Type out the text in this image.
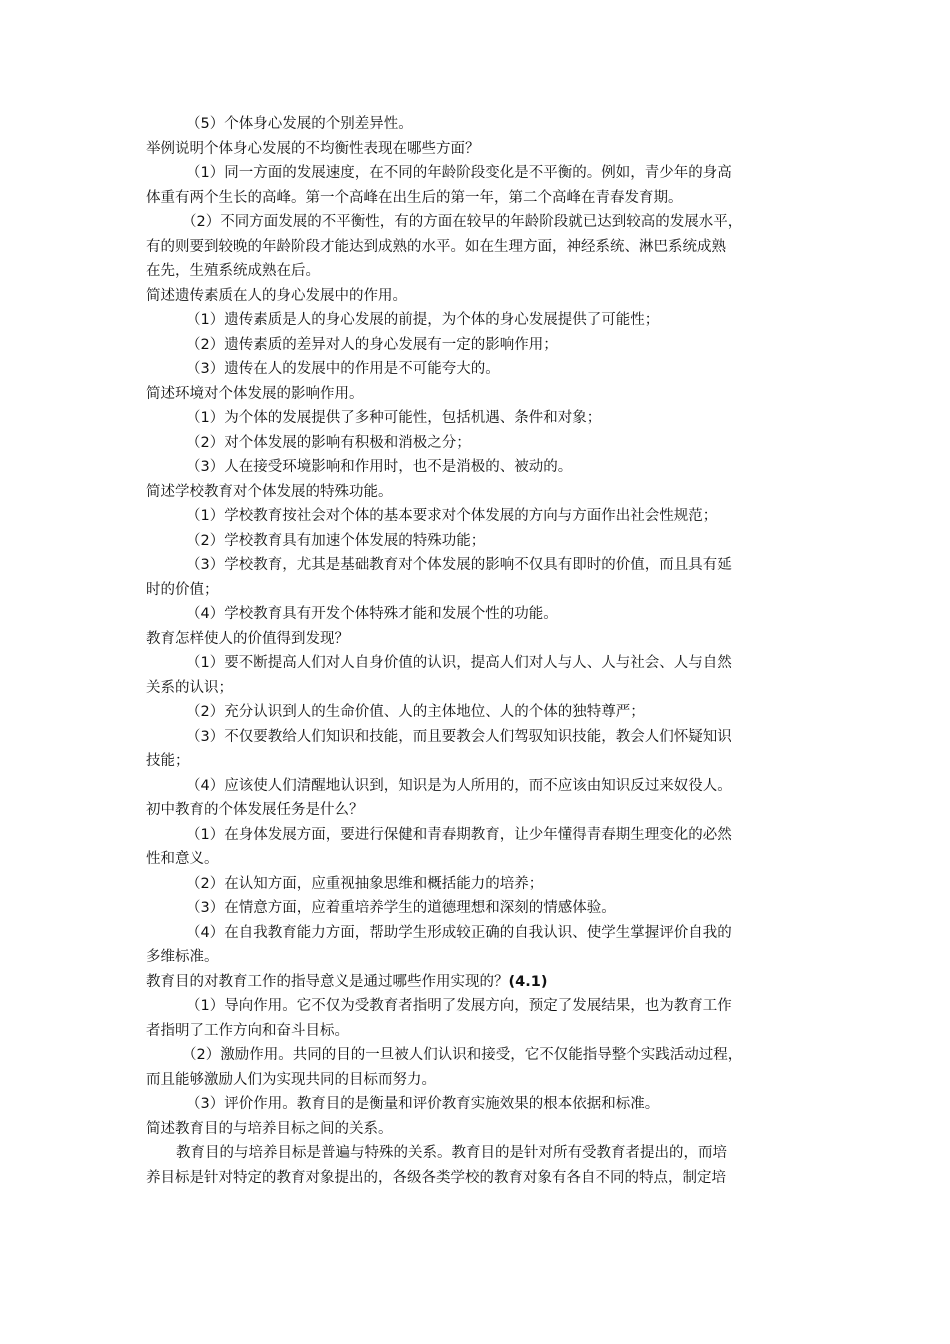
（5）个体身心发展的个别差异性。
举例说明个体身心发展的不均衡性表现在哪些方面？
（1）同一方面的发展速度，在不同的年龄阶段变化是不平衡的。例如，青少年的身高
体重有两个生长的高峰。第一个高峰在出生后的第一年，第二个高峰在青春发育期。
（2）不同方面发展的不平衡性，有的方面在较早的年龄阶段就已达到较高的发展水平，
有的则要到较晚的年龄阶段才能达到成熟的水平。如在生理方面，神经系统、淋巴系统成熟
在先，生殖系统成熟在后。
简述遗传素质在人的身心发展中的作用。
（1）遗传素质是人的身心发展的前提，为个体的身心发展提供了可能性；
（2）遗传素质的差异对人的身心发展有一定的影响作用；
（3）遗传在人的发展中的作用是不可能夸大的。
简述环境对个体发展的影响作用。
（1）为个体的发展提供了多种可能性，包括机遇、条件和对象；
（2）对个体发展的影响有积极和消极之分；
（3）人在接受环境影响和作用时，也不是消极的、被动的。
简述学校教育对个体发展的特殊功能。
（1）学校教育按社会对个体的基本要求对个体发展的方向与方面作出社会性规范；
（2）学校教育具有加速个体发展的特殊功能；
（3）学校教育，尤其是基础教育对个体发展的影响不仅具有即时的价值，而且具有延
时的价值；
（4）学校教育具有开发个体特殊才能和发展个性的功能。
教育怎样使人的价值得到发现？
（1）要不断提高人们对人自身价值的认识，提高人们对人与人、人与社会、人与自然
关系的认识；
（2）充分认识到人的生命价值、人的主体地位、人的个体的独特尊严；
（3）不仅要教给人们知识和技能，而且要教会人们驾驭知识技能，教会人们怀疑知识
技能；
（4）应该使人们清醒地认识到，知识是为人所用的，而不应该由知识反过来奴役人。
初中教育的个体发展任务是什么？
（1）在身体发展方面，要进行保健和青春期教育，让少年懂得青春期生理变化的必然
性和意义。
（2）在认知方面，应重视抽象思维和概括能力的培养；
（3）在情意方面，应着重培养学生的道德理想和深刻的情感体验。
（4）在自我教育能力方面，帮助学生形成较正确的自我认识、使学生掌握评价自我的
多维标准。
教育目的对教育工作的指导意义是通过哪些作用实现的？(4.1)
（1）导向作用。它不仅为受教育者指明了发展方向，预定了发展结果，也为教育工作
者指明了工作方向和奋斗目标。
（2）激励作用。共同的目的一旦被人们认识和接受，它不仅能指导整个实践活动过程，
而且能够激励人们为实现共同的目标而努力。
（3）评价作用。教育目的是衡量和评价教育实施效果的根本依据和标准。
简述教育目的与培养目标之间的关系。
教育目的与培养目标是普遍与特殊的关系。教育目的是针对所有受教育者提出的，而培
养目标是针对特定的教育对象提出的，各级各类学校的教育对象有各自不同的特点，制定培
